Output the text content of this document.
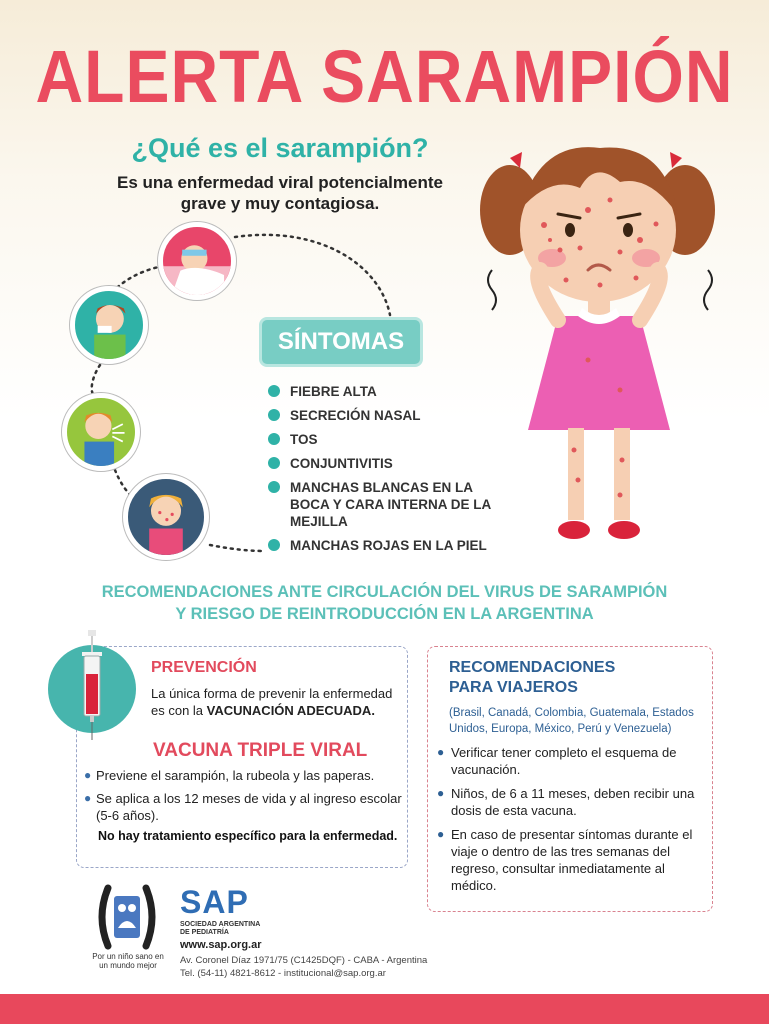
ALERTA SARAMPIÓN
¿Qué es el sarampión?
Es una enfermedad viral potencialmente
grave y muy contagiosa.
SÍNTOMAS
FIEBRE ALTA
SECRECIÓN NASAL
TOS
CONJUNTIVITIS
MANCHAS BLANCAS EN LA BOCA Y CARA INTERNA DE LA MEJILLA
MANCHAS ROJAS EN LA PIEL
RECOMENDACIONES ANTE CIRCULACIÓN DEL VIRUS DE SARAMPIÓN
Y RIESGO DE REINTRODUCCIÓN EN LA ARGENTINA
PREVENCIÓN
La única forma de prevenir la enfermedad es con la VACUNACIÓN ADECUADA.
VACUNA TRIPLE VIRAL
● Previene el sarampión, la rubeola y las paperas.
● Se aplica a los 12 meses de vida y al ingreso escolar (5-6 años).
No hay tratamiento específico para la enfermedad.
RECOMENDACIONES
PARA VIAJEROS
(Brasil, Canadá, Colombia, Guatemala, Estados Unidos, Europa, México, Perú y Venezuela)
● Verificar tener completo el esquema de vacunación.
● Niños, de 6 a 11 meses, deben recibir una dosis de esta vacuna.
● En caso de presentar síntomas durante el viaje o dentro de las tres semanas del regreso, consultar inmediatamente al médico.
Por un niño sano en un mundo mejor
SAP
SOCIEDAD ARGENTINA
DE PEDIATRÍA
www.sap.org.ar
Av. Coronel Díaz 1971/75 (C1425DQF) - CABA - Argentina
Tel. (54-11) 4821-8612 - institucional@sap.org.ar
